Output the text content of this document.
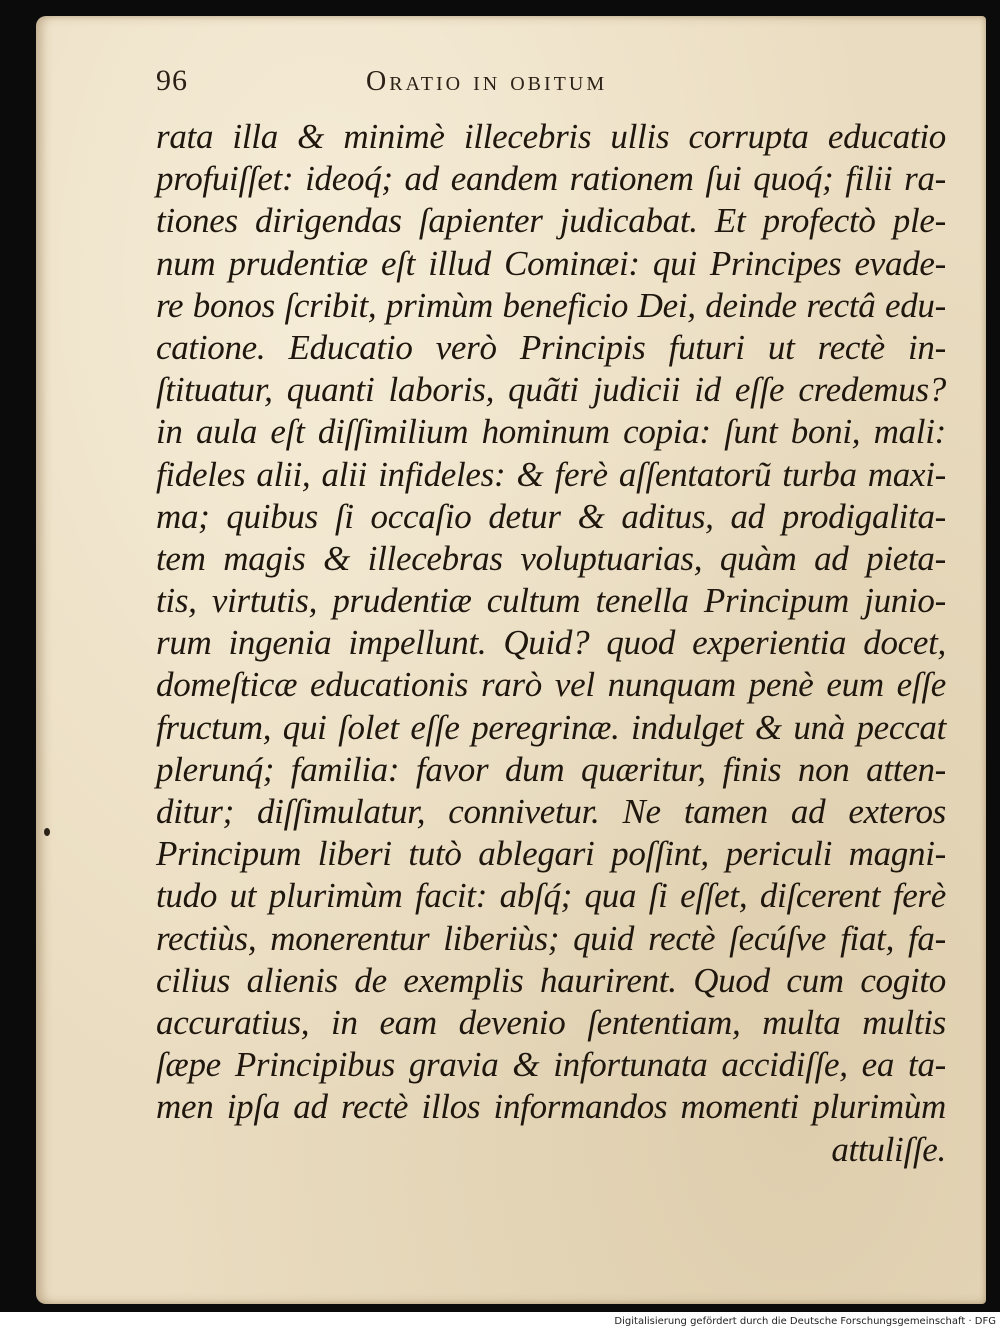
96	Oratio in obitum
rata illa & minimè illecebris ullis corrupta educatio
profuiſſet: ideoq́; ad eandem rationem ſui quoq́; filii ra-
tiones dirigendas ſapienter judicabat. Et profectò ple-
num prudentiæ eſt illud Cominæi: qui Principes evade-
re bonos ſcribit, primùm beneficio Dei, deinde rectâ edu-
catione. Educatio verò Principis futuri ut rectè in-
ſtituatur, quanti laboris, quãti judicii id eſſe credemus?
in aula eſt diſſimilium hominum copia: ſunt boni, mali:
fideles alii, alii infideles: & ferè aſſentatorũ turba maxi-
ma; quibus ſi occaſio detur & aditus, ad prodigalita-
tem magis & illecebras voluptuarias, quàm ad pieta-
tis, virtutis, prudentiæ cultum tenella Principum junio-
rum ingenia impellunt. Quid? quod experientia docet,
domeſticæ educationis rarò vel nunquam penè eum eſſe
fructum, qui ſolet eſſe peregrinæ. indulget & unà peccat
plerunq́; familia: favor dum quæritur, finis non atten-
ditur; diſſimulatur, connivetur. Ne tamen ad exteros
Principum liberi tutò ablegari poſſint, periculi magni-
tudo ut plurimùm facit: abſq́; qua ſi eſſet, diſcerent ferè
rectiùs, monerentur liberiùs; quid rectè ſecúſve fiat, fa-
cilius alienis de exemplis haurirent. Quod cum cogito
accuratius, in eam devenio ſententiam, multa multis
ſæpe Principibus gravia & infortunata accidiſſe, ea ta-
men ipſa ad rectè illos informandos momenti plurimùm
attuliſſe.
Digitalisierung gefördert durch die Deutsche Forschungsgemeinschaft · DFG
